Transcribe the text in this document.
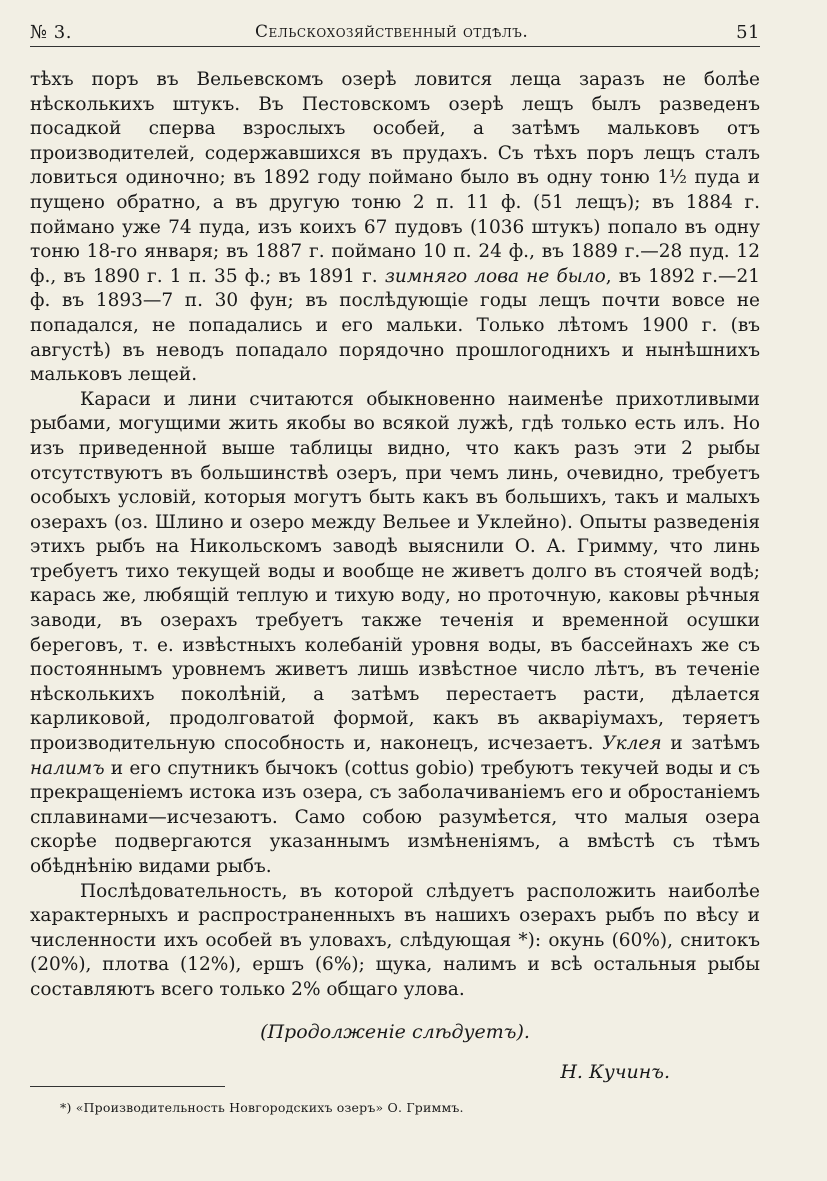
№ 3.	Сельскохозяйственный отдѣлъ.	51

тѣхъ поръ въ Вельевскомъ озерѣ ловится леща заразъ не болѣе нѣсколькихъ штукъ. Въ Пестовскомъ озерѣ лещъ былъ разведенъ посадкой сперва взрослыхъ особей, а затѣмъ мальковъ отъ производителей, содержавшихся въ прудахъ. Съ тѣхъ поръ лещъ сталъ ловиться одиночно; въ 1892 году поймано было въ одну тоню 1½ пуда и пущено обратно, а въ другую тоню 2 п. 11 ф. (51 лещъ); въ 1884 г. поймано уже 74 пуда, изъ коихъ 67 пудовъ (1036 штукъ) попало въ одну тоню 18-го января; въ 1887 г. поймано 10 п. 24 ф., въ 1889 г.—28 пуд. 12 ф., въ 1890 г. 1 п. 35 ф.; въ 1891 г. зимняго лова не было, въ 1892 г.—21 ф. въ 1893—7 п. 30 фун; въ послѣдующіе годы лещъ почти вовсе не попадался, не попадались и его мальки. Только лѣтомъ 1900 г. (въ августѣ) въ неводъ попадало порядочно прошлогоднихъ и нынѣшнихъ мальковъ лещей.

Караси и лини считаются обыкновенно наименѣе прихотливыми рыбами, могущими жить якобы во всякой лужѣ, гдѣ только есть илъ. Но изъ приведенной выше таблицы видно, что какъ разъ эти 2 рыбы отсутствуютъ въ большинствѣ озеръ, при чемъ линь, очевидно, требуетъ особыхъ условій, которыя могутъ быть какъ въ большихъ, такъ и малыхъ озерахъ (оз. Шлино и озеро между Вельее и Уклейно). Опыты разведенія этихъ рыбъ на Никольскомъ заводѣ выяснили О. А. Гримму, что линь требуетъ тихо текущей воды и вообще не живетъ долго въ стоячей водѣ; карась же, любящій теплую и тихую воду, но проточную, каковы рѣчныя заводи, въ озерахъ требуетъ также теченія и временной осушки береговъ, т. е. извѣстныхъ колебаній уровня воды, въ бассейнахъ же съ постояннымъ уровнемъ живетъ лишь извѣстное число лѣтъ, въ теченіе нѣсколькихъ поколѣній, а затѣмъ перестаетъ расти, дѣлается карликовой, продолговатой формой, какъ въ акваріумахъ, теряетъ производительную способность и, наконецъ, исчезаетъ. Уклея и затѣмъ налимъ и его спутникъ бычокъ (cottus gobio) требуютъ текучей воды и съ прекращеніемъ истока изъ озера, съ заболачиваніемъ его и обростаніемъ сплавинами—исчезаютъ. Само собою разумѣется, что малыя озера скорѣе подвергаются указаннымъ измѣненіямъ, а вмѣстѣ съ тѣмъ обѣднѣнію видами рыбъ.

Послѣдовательность, въ которой слѣдуетъ расположить наиболѣе характерныхъ и распространенныхъ въ нашихъ озерахъ рыбъ по вѣсу и численности ихъ особей въ уловахъ, слѣдующая *): окунь (60%), снитокъ (20%), плотва (12%), ершъ (6%); щука, налимъ и всѣ остальныя рыбы составляютъ всего только 2% общаго улова.

(Продолженіе слѣдуетъ).
Н. Кучинъ.
*) «Производительность Новгородскихъ озеръ» О. Гриммъ.
